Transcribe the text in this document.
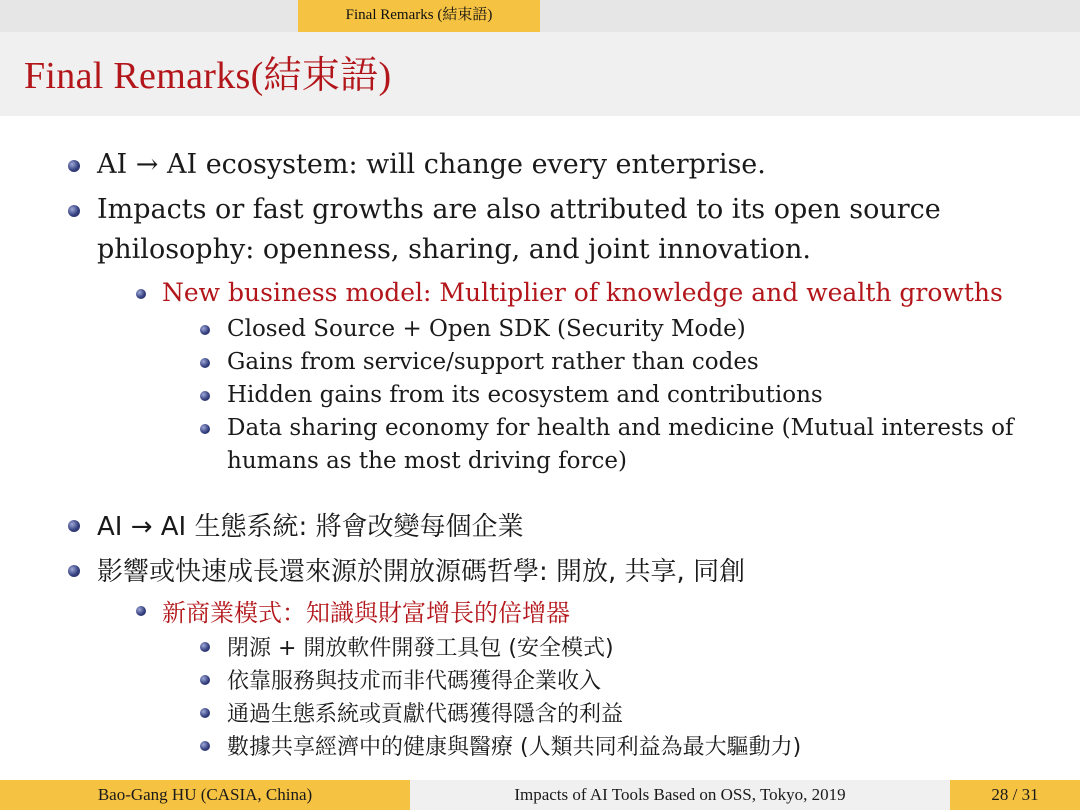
Final Remarks (結束語)
Final Remarks(結束語)
AI → AI ecosystem: will change every enterprise.
Impacts or fast growths are also attributed to its open source
philosophy: openness, sharing, and joint innovation.
New business model: Multiplier of knowledge and wealth growths
Closed Source + Open SDK (Security Mode)
Gains from service/support rather than codes
Hidden gains from its ecosystem and contributions
Data sharing economy for health and medicine (Mutual interests of
humans as the most driving force)
AI → AI 生態系統: 將會改變每個企業
影響或快速成長還來源於開放源碼哲學: 開放, 共享, 同創
新商業模式：知識與財富增長的倍增器
閉源 + 開放軟件開發工具包 (安全模式)
依靠服務與技朮而非代碼獲得企業收入
通過生態系統或貢獻代碼獲得隱含的利益
數據共享經濟中的健康與醫療 (人類共同利益為最大驅動力)
Bao-Gang HU (CASIA, China)	Impacts of AI Tools Based on OSS, Tokyo, 2019	28 / 31
